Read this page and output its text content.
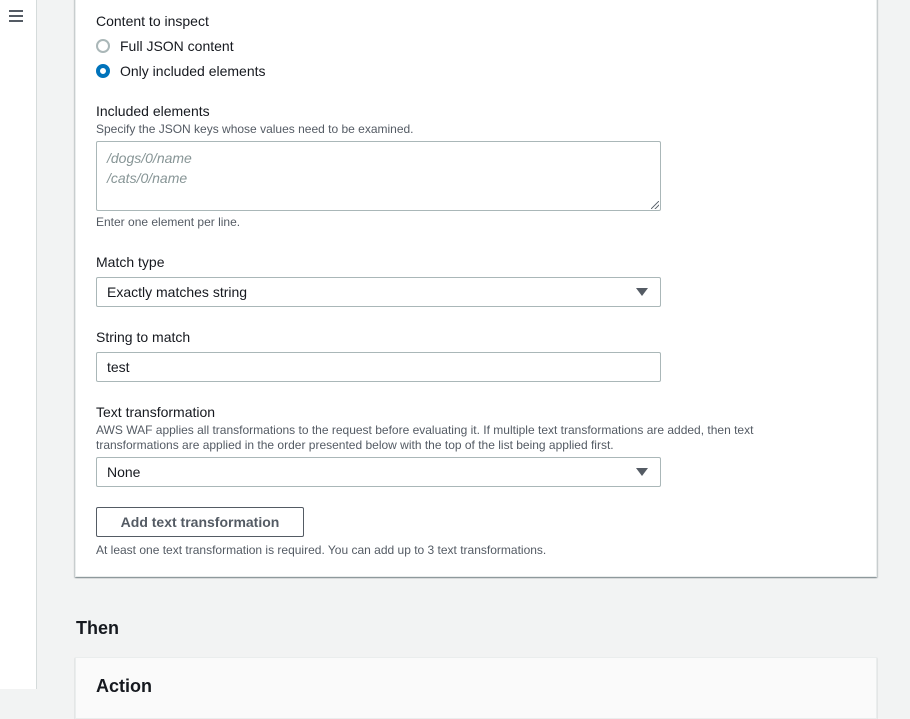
Content to inspect
Full JSON content
Only included elements
Included elements
Specify the JSON keys whose values need to be examined.
/dogs/0/name
/cats/0/name
Enter one element per line.
Match type
Exactly matches string
String to match
test
Text transformation
AWS WAF applies all transformations to the request before evaluating it. If multiple text transformations are added, then text transformations are applied in the order presented below with the top of the list being applied first.
None
Add text transformation
At least one text transformation is required. You can add up to 3 text transformations.
Then
Action
